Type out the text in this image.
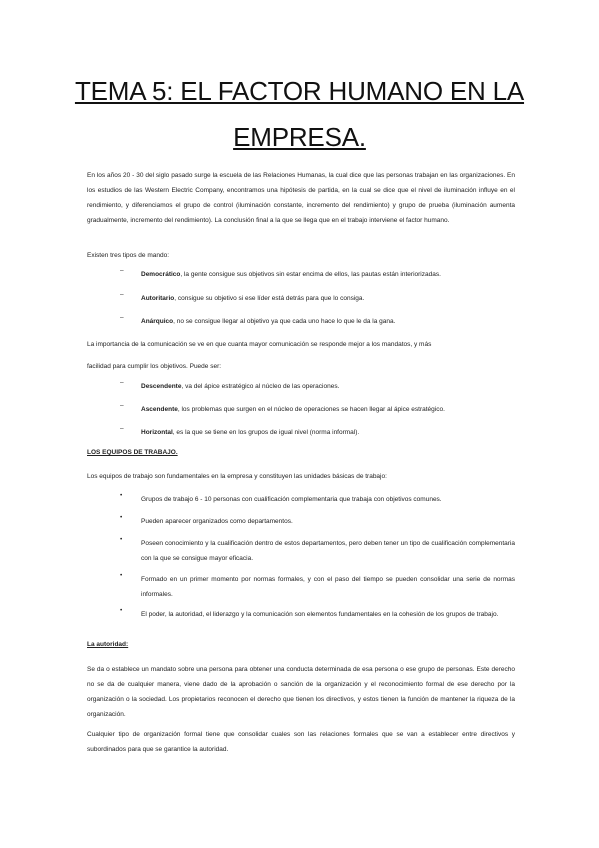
TEMA 5: EL FACTOR HUMANO EN LA
EMPRESA.

En los años 20 - 30 del siglo pasado surge la escuela de las Relaciones Humanas, la cual dice que las personas trabajan en las organizaciones. En los estudios de las Western Electric Company, encontramos una hipótesis de partida, en la cual se dice que el nivel de iluminación influye en el rendimiento, y diferenciamos el grupo de control (iluminación constante, incremento del rendimiento) y grupo de prueba (iluminación aumenta gradualmente, incremento del rendimiento). La conclusión final a la que se llega que en el trabajo interviene el factor humano.

Existen tres tipos de mando:

–

Democrático, la gente consigue sus objetivos sin estar encima de ellos, las pautas están interiorizadas.

–

Autoritario, consigue su objetivo si ese líder está detrás para que lo consiga.

–

Anárquico, no se consigue llegar al objetivo ya que cada uno hace lo que le da la gana.

La importancia de la comunicación se ve en que cuanta mayor comunicación se responde mejor a los mandatos, y más

facilidad para cumplir los objetivos. Puede ser:

–

Descendente, va del ápice estratégico al núcleo de las operaciones.

–

Ascendente, los problemas que surgen en el núcleo de operaciones se hacen llegar al ápice estratégico.

–

Horizontal, es la que se tiene en los grupos de igual nivel (norma informal).

LOS EQUIPOS DE TRABAJO.

Los equipos de trabajo son fundamentales en la empresa y constituyen las unidades básicas de trabajo:

•

Grupos de trabajo 6 - 10 personas con cualificación complementaria que trabaja con objetivos comunes.

•

Pueden aparecer organizados como departamentos.

•

Poseen conocimiento y la cualificación dentro de estos departamentos, pero deben tener un tipo de cualificación complementaria con la que se consigue mayor eficacia.

•

Formado en un primer momento por normas formales, y con el paso del tiempo se pueden consolidar una serie de normas informales.

•

El poder, la autoridad, el liderazgo y la comunicación son elementos fundamentales en la cohesión de los grupos de trabajo.

La autoridad:

Se da o establece un mandato sobre una persona para obtener una conducta determinada de esa persona o ese grupo de personas. Este derecho no se da de cualquier manera, viene dado de la aprobación o sanción de la organización y el reconocimiento formal de ese derecho por la organización o la sociedad. Los propietarios reconocen el derecho que tienen los directivos, y estos tienen la función de mantener la riqueza de la organización.

Cualquier tipo de organización formal tiene que consolidar cuales son las relaciones formales que se van a establecer entre directivos y subordinados para que se garantice la autoridad.
